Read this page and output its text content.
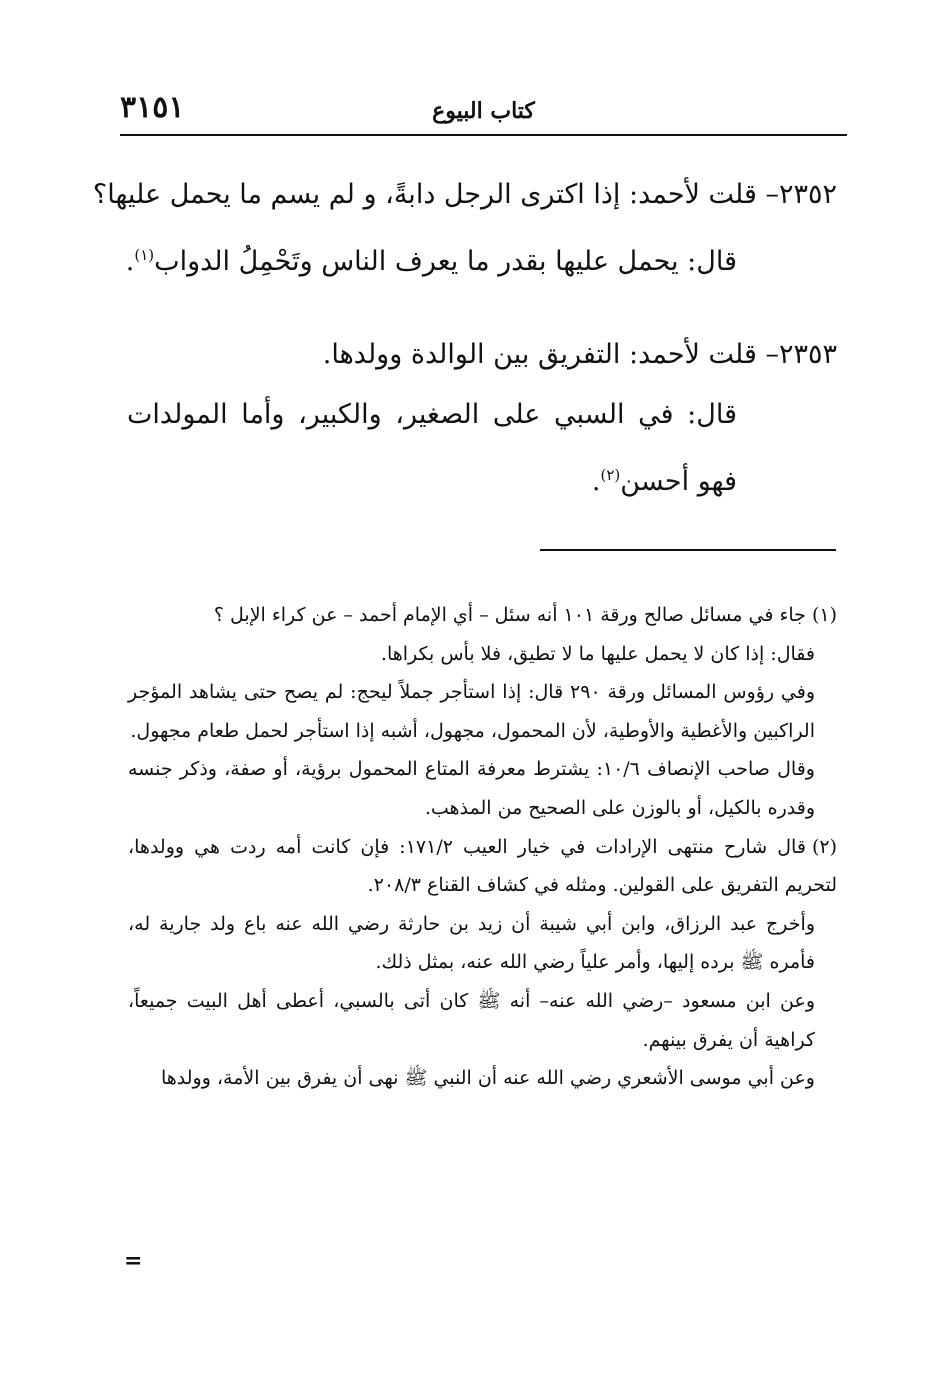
٣١٥١	كتاب البيوع
٢٣٥٢– قلت لأحمد: إذا اكترى الرجل دابةً، و لم يسم ما يحمل عليها؟
قال: يحمل عليها بقدر ما يعرف الناس وتَحْمِلُ الدواب$^{(١)}$.
٢٣٥٣– قلت لأحمد: التفريق بين الوالدة وولدها.
قال: في السبي على الصغير، والكبير، وأما المولدات فهو أحسن$^{(٢)}$.

(١)جاء في مسائل صالح ورقة ١٠١ أنه سئل – أي الإمام أحمد – عن كراء الإبل ؟

فقال: إذا كان لا يحمل عليها ما لا تطيق، فلا بأس بكراها.

وفي رؤوس المسائل ورقة ٢٩٠ قال: إذا استأجر جملاً ليحج: لم يصح حتى يشاهد المؤجر الراكبين والأغطية والأوطية، لأن المحمول، مجهول، أشبه إذا استأجر لحمل طعام مجهول.

وقال صاحب الإنصاف ١٠/٦: يشترط معرفة المتاع المحمول برؤية، أو صفة، وذكر جنسه وقدره بالكيل، أو بالوزن على الصحيح من المذهب.

(٢)قال شارح منتهى الإرادات في خيار العيب ١٧١/٢: فإن كانت أمه ردت هي وولدها، لتحريم التفريق على القولين. ومثله في كشاف القناع ٢٠٨/٣.

وأخرج عبد الرزاق، وابن أبي شيبة أن زيد بن حارثة رضي الله عنه باع ولد جارية له، فأمره ﷺ برده إليها، وأمر علياً رضي الله عنه، بمثل ذلك.

وعن ابن مسعود –رضي الله عنه– أنه ﷺ كان أتى بالسبي، أعطى أهل البيت جميعاً، كراهية أن يفرق بينهم.

وعن أبي موسى الأشعري رضي الله عنه أن النبي ﷺ نهى أن يفرق بين الأمة، وولدها

=
